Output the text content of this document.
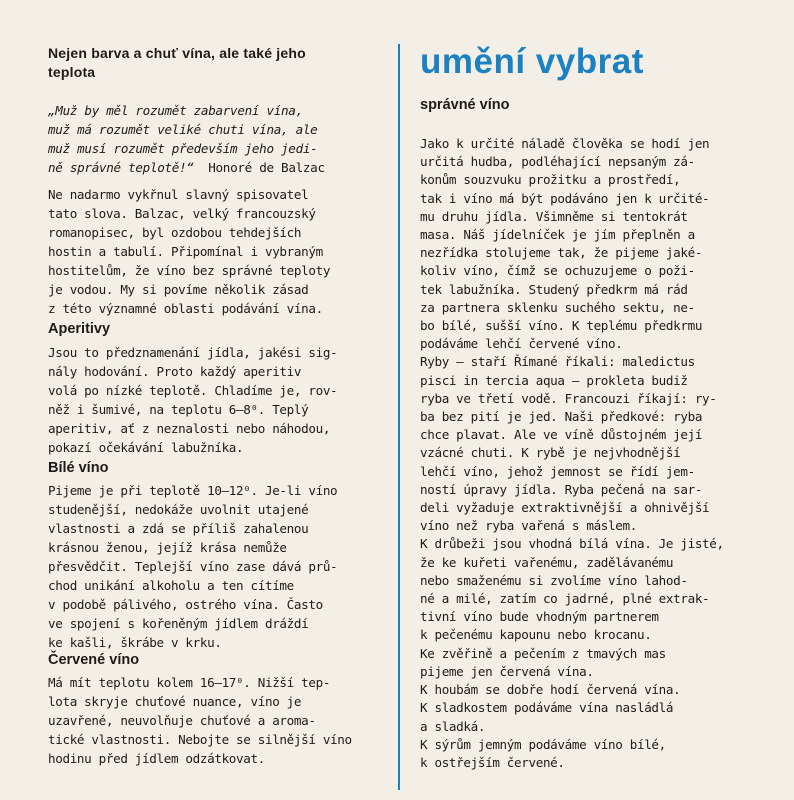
Nejen barva a chuť vína, ale také jeho
teplota

„Muž by měl rozumět zabarvení vína,
muž má rozumět veliké chuti vína, ale
muž musí rozumět především jeho jedi-
ně správné teplotě!“ Honoré de Balzac

Ne nadarmo vykřnul slavný spisovatel
tato slova. Balzac, velký francouzský
romanopisec, byl ozdobou tehdejších
hostin a tabulí. Připomínal i vybraným
hostitelům, že víno bez správné teploty
je vodou. My si povíme několik zásad
z této významné oblasti podávání vína.

Aperitivy

Jsou to předznamenání jídla, jakési sig-
nály hodování. Proto každý aperitiv
volá po nízké teplotě. Chladíme je, rov-
něž i šumivé, na teplotu 6—8⁰. Teplý
aperitiv, ať z neznalosti nebo náhodou,
pokazí očekávání labužníka.

Bílé víno

Pijeme je při teplotě 10—12⁰. Je-li víno
studenější, nedokáže uvolnit utajené
vlastnosti a zdá se příliš zahalenou
krásnou ženou, jejíž krása nemůže
přesvědčit. Teplejší víno zase dává prů-
chod unikání alkoholu a ten cítíme
v podobě pálivého, ostrého vína. Často
ve spojení s kořeněným jídlem dráždí
ke kašli, škrábe v krku.

Červené víno

Má mít teplotu kolem 16—17⁰. Nižší tep-
lota skryje chuťové nuance, víno je
uzavřené, neuvolňuje chuťové a aroma-
tické vlastnosti. Nebojte se silnější víno
hodinu před jídlem odzátkovat.

umění vybrat

správné víno

Jako k určité náladě člověka se hodí jen
určitá hudba, podléhající nepsaným zá-
konům souzvuku prožitku a prostředí,
tak i víno má být podáváno jen k určité-
mu druhu jídla. Všimněme si tentokrát
masa. Náš jídelníček je jím přeplněn a
nezřídka stolujeme tak, že pijeme jaké-
koliv víno, čímž se ochuzujeme o poži-
tek labužníka. Studený předkrm má rád
za partnera sklenku suchého sektu, ne-
bo bílé, sušší víno. K teplému předkrmu
podáváme lehčí červené víno.
Ryby — staří Římané říkali: maledictus
pisci in tercia aqua — prokleta budiž
ryba ve třetí vodě. Francouzi říkají: ry-
ba bez pití je jed. Naši předkové: ryba
chce plavat. Ale ve víně důstojném její
vzácné chuti. K rybě je nejvhodnější
lehčí víno, jehož jemnost se řídí jem-
ností úpravy jídla. Ryba pečená na sar-
deli vyžaduje extraktivnější a ohnivější
víno než ryba vařená s máslem.
K drůbeži jsou vhodná bílá vína. Je jisté,
že ke kuřeti vařenému, zadělávanému
nebo smaženému si zvolíme víno lahod-
né a milé, zatím co jadrné, plné extrak-
tivní víno bude vhodným partnerem
k pečenému kapounu nebo krocanu.
Ke zvěřině a pečením z tmavých mas
pijeme jen červená vína.
K houbám se dobře hodí červená vína.
K sladkostem podáváme vína nasládlá
a sladká.
K sýrům jemným podáváme víno bílé,
k ostřejším červené.
